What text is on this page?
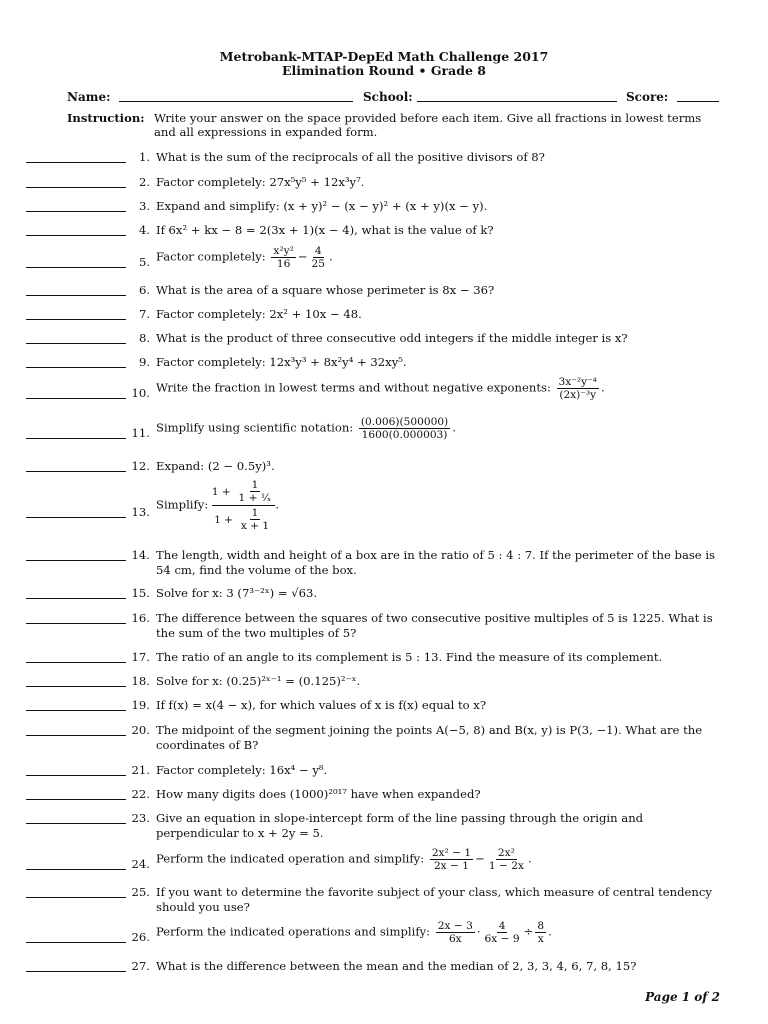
Metrobank-MTAP-DepEd Math Challenge 2017
Elimination Round • Grade 8
Name:	School:	Score:
Instruction: Write your answer on the space provided before each item. Give all fractions in lowest terms and all expressions in expanded form.
1. What is the sum of the reciprocals of all the positive divisors of 8?
2. Factor completely: 27x⁵y⁵ + 12x³y⁷.
3. Expand and simplify: (x + y)² − (x − y)² + (x + y)(x − y).
4. If 6x² + kx − 8 = 2(3x + 1)(x − 4), what is the value of k?
5. Factor completely: $\frac{\text{x²y²}}{16} - \frac{4}{25}$ .
6. What is the area of a square whose perimeter is 8x − 36?
7. Factor completely: 2x² + 10x − 48.
8. What is the product of three consecutive odd integers if the middle integer is x?
9. Factor completely: 12x³y³ + 8x²y⁴ + 32xy⁵.
10. Write the fraction in lowest terms and without negative exponents: $\frac{\text{3x⁻²y⁻⁴}}{\text{(2x)⁻³y}}$ .
11. Simplify using scientific notation: $\frac{(0.006)(500000)}{1600(0.000003)}$ .
12. Expand: (2 − 0.5y)³.
13.
Simplify: $\frac{1 + \frac{1}{\text{1 + ¹⁄ₓ}}}{1 + \frac{1}{x + 1}}$ .
14. The length, width and height of a box are in the ratio of 5 : 4 : 7. If the perimeter of the base is 54 cm, find the volume of the box.
15. Solve for x: 3 (7³⁻²ˣ) = √63.
16. The difference between the squares of two consecutive positive multiples of 5 is 1225. What is the sum of the two multiples of 5?
17. The ratio of an angle to its complement is 5 : 13. Find the measure of its complement.
18. Solve for x: (0.25)²ˣ⁻¹ = (0.125)²⁻ˣ.
19. If f(x) = x(4 − x), for which values of x is f(x) equal to x?
20. The midpoint of the segment joining the points A(−5, 8) and B(x, y) is P(3, −1). What are the coordinates of B?
21. Factor completely: 16x⁴ − y⁸.
22. How many digits does (1000)²⁰¹⁷ have when expanded?
23. Give an equation in slope-intercept form of the line passing through the origin and perpendicular to x + 2y = 5.
24. Perform the indicated operation and simplify: $\frac{\text{2x² − 1}}{2x - 1} - \frac{\text{2x²}}{1 - 2x}$ .
25. If you want to determine the favorite subject of your class, which measure of central tendency should you use?
26. Perform the indicated operations and simplify: $\frac{2x - 3}{6x} \cdot \frac{4}{6x - 9} \div \frac{8}{x}$ .
27. What is the difference between the mean and the median of 2, 3, 3, 4, 6, 7, 8, 15?
Page 1 of 2
